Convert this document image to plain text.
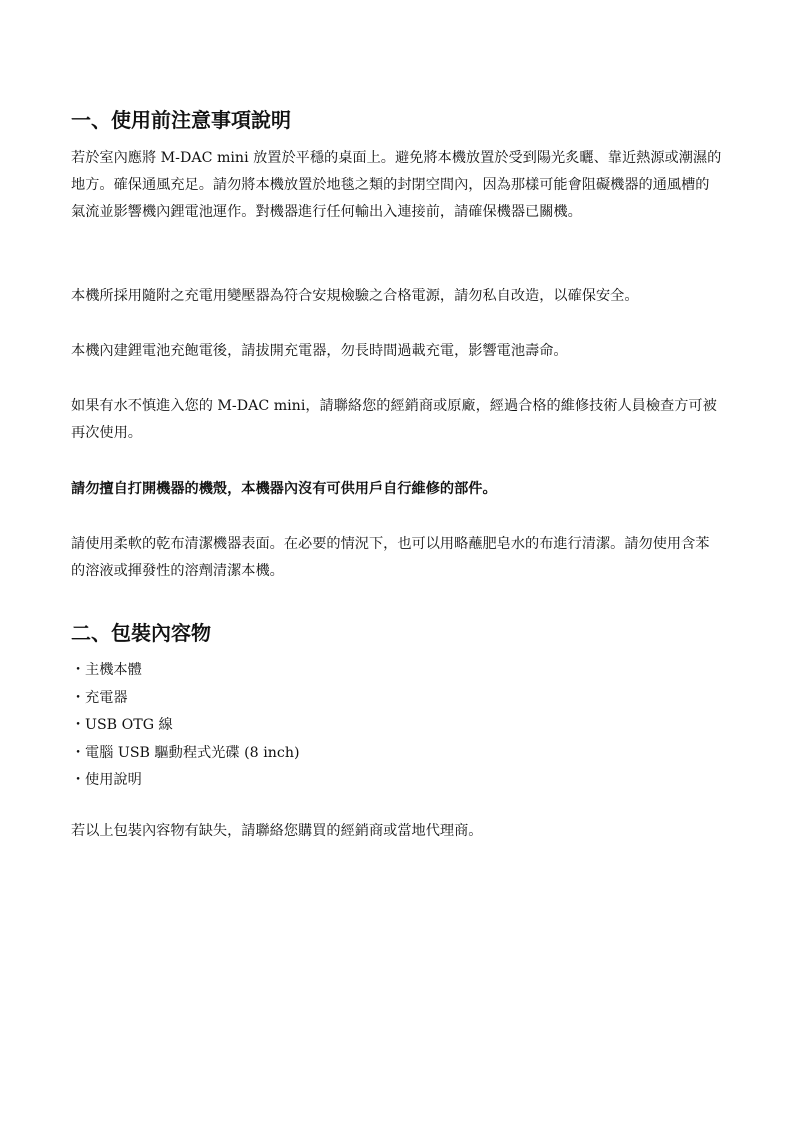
一、使用前注意事項說明

若於室內應將 M-DAC mini 放置於平穩的桌面上。避免將本機放置於受到陽光炙曬、靠近熱源或潮濕的地方。確保通風充足。請勿將本機放置於地毯之類的封閉空間內，因為那樣可能會阻礙機器的通風槽的氣流並影響機內鋰電池運作。對機器進行任何輸出入連接前，請確保機器已關機。

本機所採用隨附之充電用變壓器為符合安規檢驗之合格電源，請勿私自改造，以確保安全。

本機內建鋰電池充飽電後，請拔開充電器，勿長時間過載充電，影響電池壽命。

如果有水不慎進入您的 M-DAC mini，請聯絡您的經銷商或原廠，經過合格的維修技術人員檢查方可被再次使用。

請勿擅自打開機器的機殼，本機器內沒有可供用戶自行維修的部件。

請使用柔軟的乾布清潔機器表面。在必要的情況下，也可以用略蘸肥皂水的布進行清潔。請勿使用含苯的溶液或揮發性的溶劑清潔本機。

二、包裝內容物
・主機本體
・充電器
・USB OTG 線
・電腦 USB 驅動程式光碟 (8 inch)
・使用說明

若以上包裝內容物有缺失，請聯絡您購買的經銷商或當地代理商。
